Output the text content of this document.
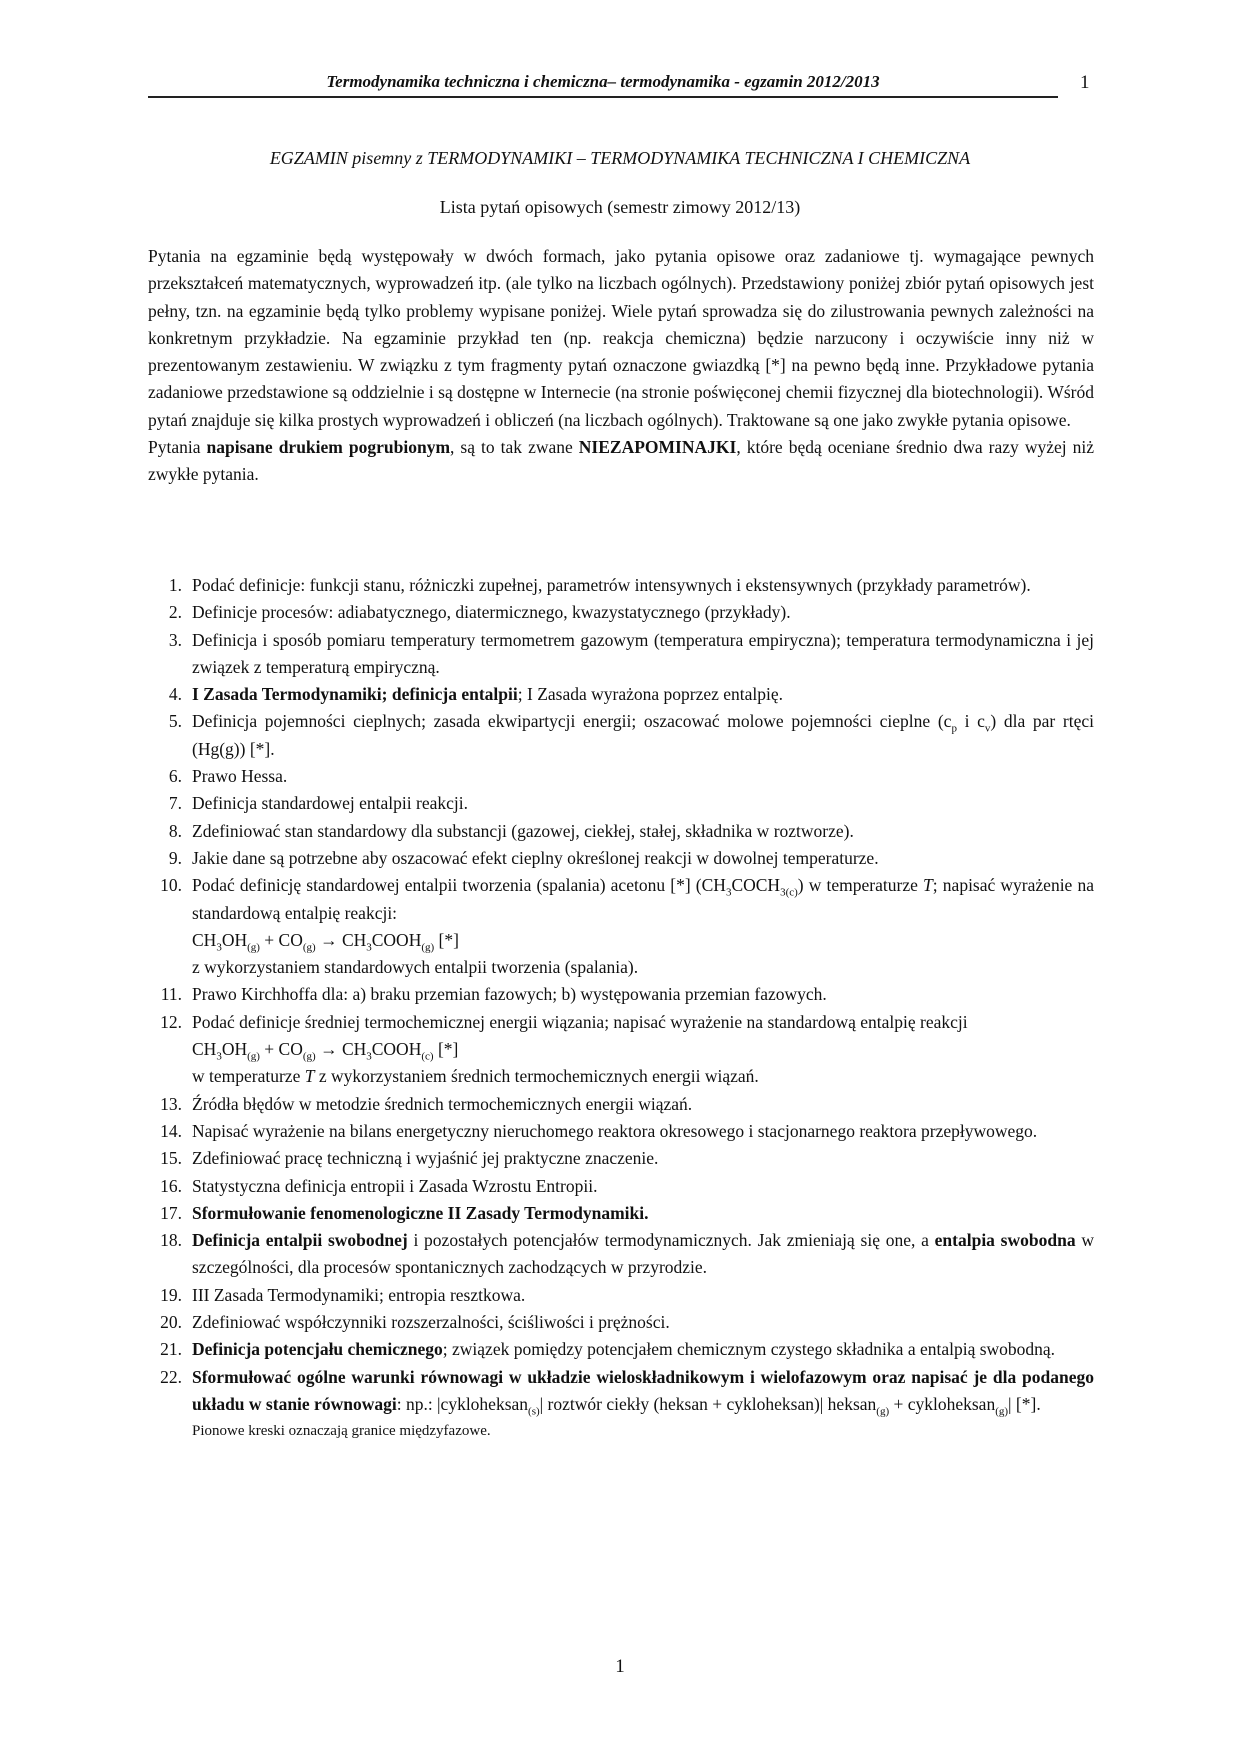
Termodynamika techniczna i chemiczna– termodynamika - egzamin 2012/2013	1
EGZAMIN pisemny z TERMODYNAMIKI – TERMODYNAMIKA TECHNICZNA I CHEMICZNA
Lista pytań opisowych (semestr zimowy 2012/13)

Pytania na egzaminie będą występowały w dwóch formach, jako pytania opisowe oraz zadaniowe tj. wymagające pewnych przekształceń matematycznych, wyprowadzeń itp. (ale tylko na liczbach ogólnych). Przedstawiony poniżej zbiór pytań opisowych jest pełny, tzn. na egzaminie będą tylko problemy wypisane poniżej. Wiele pytań sprowadza się do zilustrowania pewnych zależności na konkretnym przykładzie. Na egzaminie przykład ten (np. reakcja chemiczna) będzie narzucony i oczywiście inny niż w prezentowanym zestawieniu. W związku z tym fragmenty pytań oznaczone gwiazdką [*] na pewno będą inne. Przykładowe pytania zadaniowe przedstawione są oddzielnie i są dostępne w Internecie (na stronie poświęconej chemii fizycznej dla biotechnologii). Wśród pytań znajduje się kilka prostych wyprowadzeń i obliczeń (na liczbach ogólnych). Traktowane są one jako zwykłe pytania opisowe.

Pytania napisane drukiem pogrubionym, są to tak zwane NIEZAPOMINAJKI, które będą oceniane średnio dwa razy wyżej niż zwykłe pytania.

1. Podać definicje: funkcji stanu, różniczki zupełnej, parametrów intensywnych i ekstensywnych (przykłady parametrów).
2. Definicje procesów: adiabatycznego, diatermicznego, kwazystatycznego (przykłady).
3. Definicja i sposób pomiaru temperatury termometrem gazowym (temperatura empiryczna); temperatura termodynamiczna i jej związek z temperaturą empiryczną.
4. I Zasada Termodynamiki; definicja entalpii; I Zasada wyrażona poprzez entalpię.
5. Definicja pojemności cieplnych; zasada ekwipartycji energii; oszacować molowe pojemności cieplne ($c_p$ i $c_v$) dla par rtęci (Hg(g)) [*].
6. Prawo Hessa.
7. Definicja standardowej entalpii reakcji.
8. Zdefiniować stan standardowy dla substancji (gazowej, ciekłej, stałej, składnika w roztworze).
9. Jakie dane są potrzebne aby oszacować efekt cieplny określonej reakcji w dowolnej temperaturze.
10. Podać definicję standardowej entalpii tworzenia (spalania) acetonu [*] $(CH_3COCH_{3(c)})$ w temperaturze T; napisać wyrażenie na standardową entalpię reakcji:
$CH_3OH_{(g)} + CO_{(g)}$ → $CH_3COOH_{(g)}$ [*]
z wykorzystaniem standardowych entalpii tworzenia (spalania).
11. Prawo Kirchhoffa dla: a) braku przemian fazowych; b) występowania przemian fazowych.
12. Podać definicje średniej termochemicznej energii wiązania; napisać wyrażenie na standardową entalpię reakcji
$CH_3OH_{(g)} + CO_{(g)}$ → $CH_3COOH_{(c)}$ [*]
w temperaturze T z wykorzystaniem średnich termochemicznych energii wiązań.
13. Źródła błędów w metodzie średnich termochemicznych energii wiązań.
14. Napisać wyrażenie na bilans energetyczny nieruchomego reaktora okresowego i stacjonarnego reaktora przepływowego.
15. Zdefiniować pracę techniczną i wyjaśnić jej praktyczne znaczenie.
16. Statystyczna definicja entropii i Zasada Wzrostu Entropii.
17. Sformułowanie fenomenologiczne II Zasady Termodynamiki.
18. Definicja entalpii swobodnej i pozostałych potencjałów termodynamicznych. Jak zmieniają się one, a entalpia swobodna w szczególności, dla procesów spontanicznych zachodzących w przyrodzie.
19. III Zasada Termodynamiki; entropia resztkowa.
20. Zdefiniować współczynniki rozszerzalności, ściśliwości i prężności.
21. Definicja potencjału chemicznego; związek pomiędzy potencjałem chemicznym czystego składnika a entalpią swobodną.
22. Sformułować ogólne warunki równowagi w układzie wieloskładnikowym i wielofazowym oraz napisać je dla podanego układu w stanie równowagi: np.: |cykloheksan$_{(s)}$| roztwór ciekły (heksan + cykloheksan)| heksan$_{(g)}$ + cykloheksan$_{(g)}$| [*].
Pionowe kreski oznaczają granice międzyfazowe.
1
